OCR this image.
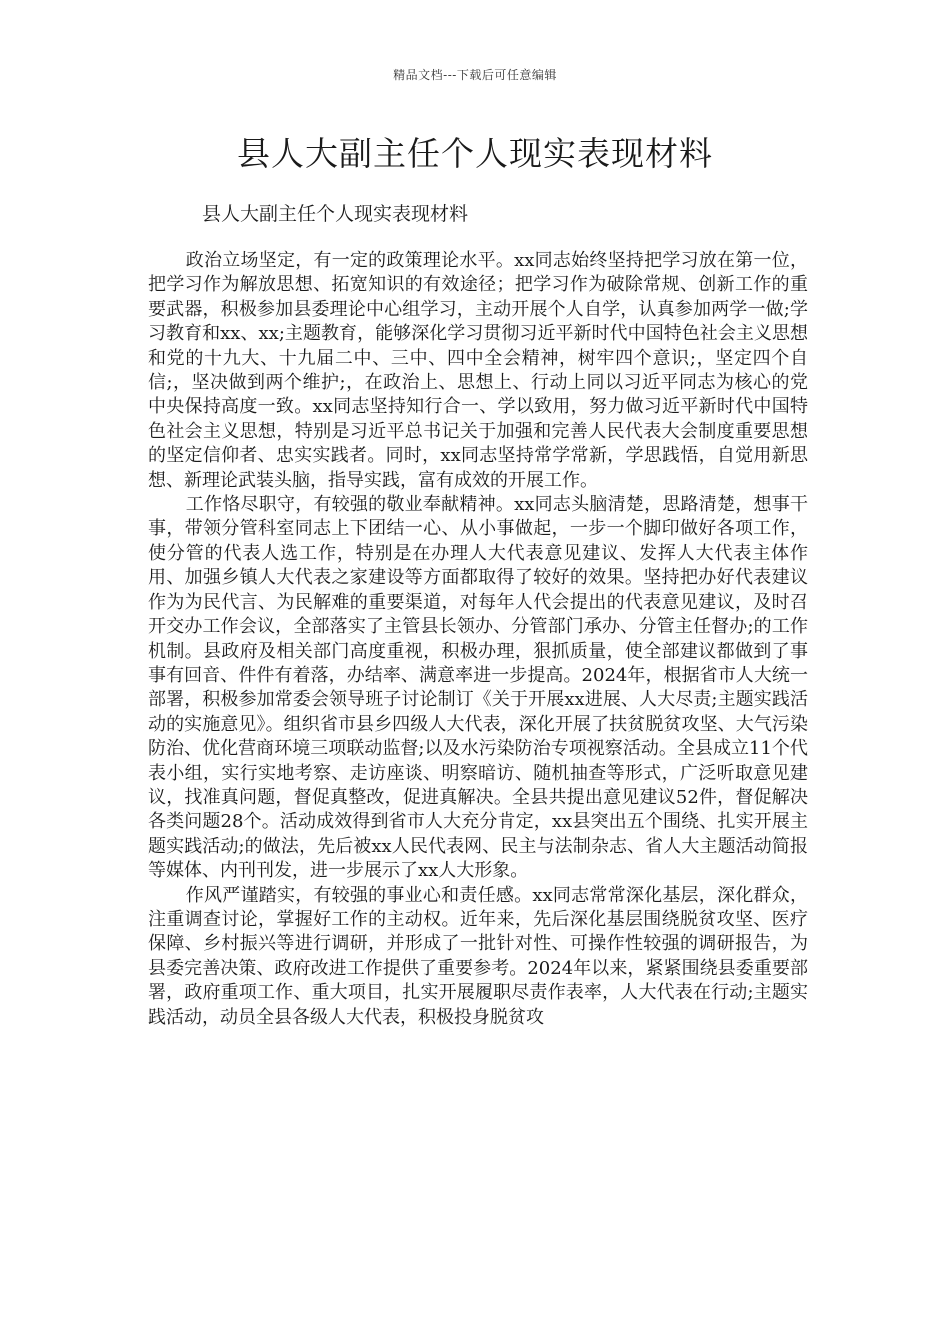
精品文档---下载后可任意编辑
县人大副主任个人现实表现材料

县人大副主任个人现实表现材料

政治立场坚定，有一定的政策理论水平。xx同志始终坚持把学习放在第一位，把学习作为解放思想、拓宽知识的有效途径；把学习作为破除常规、创新工作的重要武器，积极参加县委理论中心组学习，主动开展个人自学，认真参加两学一做;学习教育和xx、xx;主题教育，能够深化学习贯彻习近平新时代中国特色社会主义思想和党的十九大、十九届二中、三中、四中全会精神，树牢四个意识;，坚定四个自信;，坚决做到两个维护;，在政治上、思想上、行动上同以习近平同志为核心的党中央保持高度一致。xx同志坚持知行合一、学以致用，努力做习近平新时代中国特色社会主义思想，特别是习近平总书记关于加强和完善人民代表大会制度重要思想的坚定信仰者、忠实实践者。同时，xx同志坚持常学常新，学思践悟，自觉用新思想、新理论武装头脑，指导实践，富有成效的开展工作。

工作恪尽职守，有较强的敬业奉献精神。xx同志头脑清楚，思路清楚，想事干事，带领分管科室同志上下团结一心、从小事做起，一步一个脚印做好各项工作，使分管的代表人选工作，特别是在办理人大代表意见建议、发挥人大代表主体作用、加强乡镇人大代表之家建设等方面都取得了较好的效果。坚持把办好代表建议作为为民代言、为民解难的重要渠道，对每年人代会提出的代表意见建议，及时召开交办工作会议，全部落实了主管县长领办、分管部门承办、分管主任督办;的工作机制。县政府及相关部门高度重视，积极办理，狠抓质量，使全部建议都做到了事事有回音、件件有着落，办结率、满意率进一步提高。2024年，根据省市人大统一部署，积极参加常委会领导班子讨论制订《关于开展xx进展、人大尽责;主题实践活动的实施意见》。组织省市县乡四级人大代表，深化开展了扶贫脱贫攻坚、大气污染防治、优化营商环境三项联动监督;以及水污染防治专项视察活动。全县成立11个代表小组，实行实地考察、走访座谈、明察暗访、随机抽查等形式，广泛听取意见建议，找准真问题，督促真整改，促进真解决。全县共提出意见建议52件，督促解决各类问题28个。活动成效得到省市人大充分肯定，xx县突出五个围绕、扎实开展主题实践活动;的做法，先后被xx人民代表网、民主与法制杂志、省人大主题活动简报等媒体、内刊刊发，进一步展示了xx人大形象。

作风严谨踏实，有较强的事业心和责任感。xx同志常常深化基层，深化群众，注重调查讨论，掌握好工作的主动权。近年来，先后深化基层围绕脱贫攻坚、医疗保障、乡村振兴等进行调研，并形成了一批针对性、可操作性较强的调研报告，为县委完善决策、政府改进工作提供了重要参考。2024年以来，紧紧围绕县委重要部署，政府重项工作、重大项目，扎实开展履职尽责作表率，人大代表在行动;主题实践活动，动员全县各级人大代表，积极投身脱贫攻
